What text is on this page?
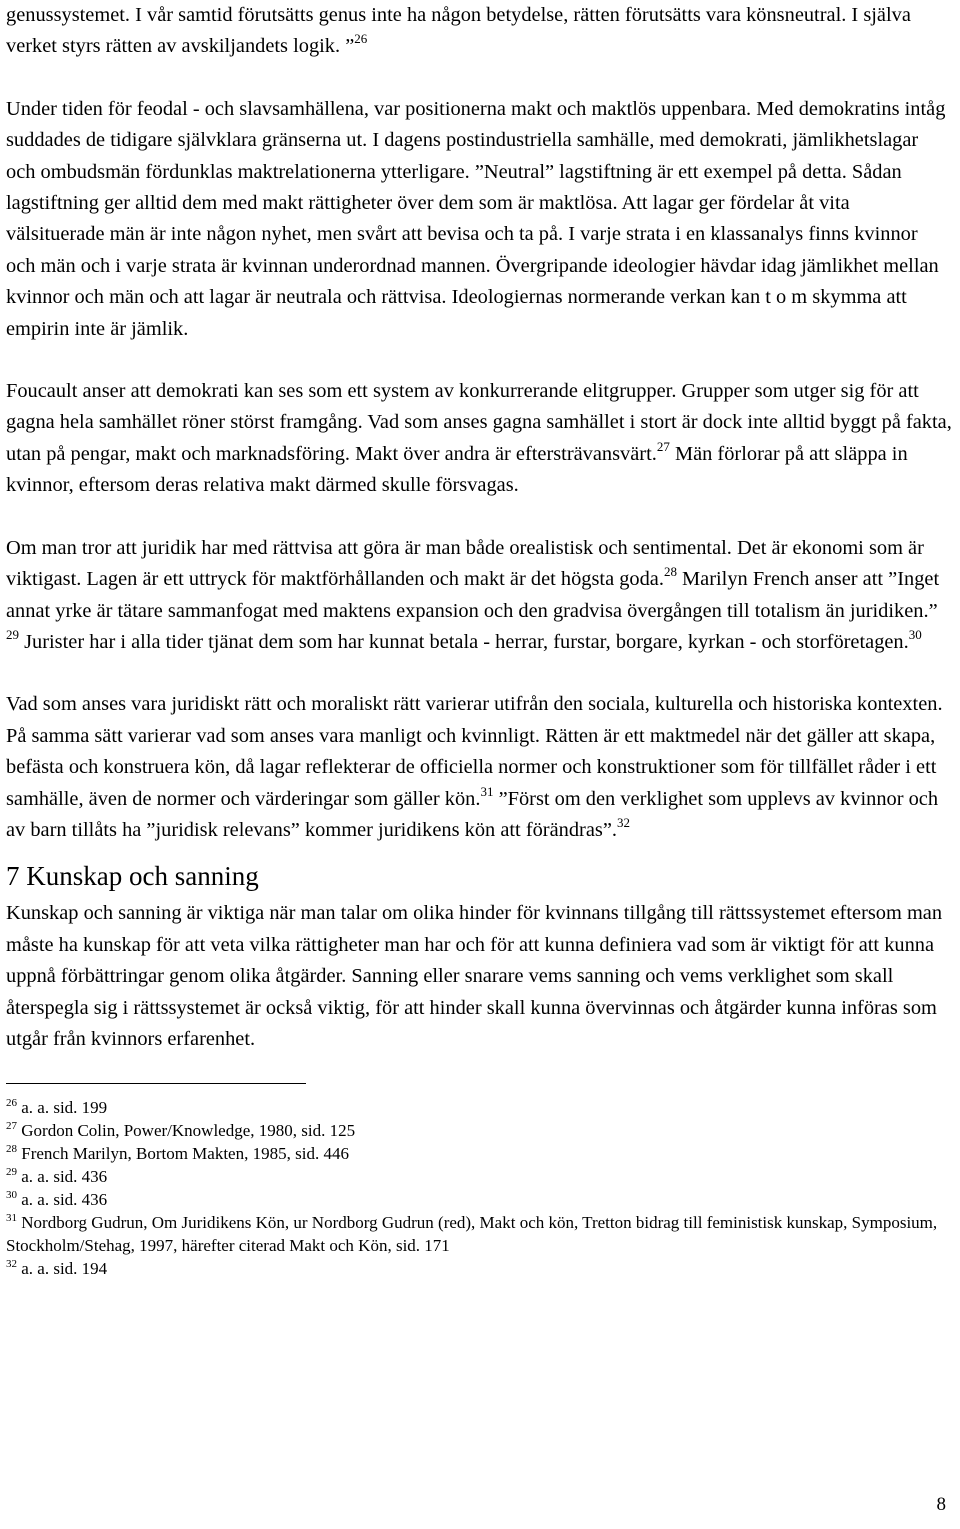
genussystemet. I vår samtid förutsätts genus inte ha någon betydelse, rätten förutsätts vara könsneutral. I själva verket styrs rätten av avskiljandets logik. ”$^{26}$

Under tiden för feodal - och slavsamhällena, var positionerna makt och maktlös uppenbara. Med demokratins intåg suddades de tidigare självklara gränserna ut. I dagens postindustriella samhälle, med demokrati, jämlikhetslagar och ombudsmän fördunklas maktrelationerna ytterligare. ”Neutral” lagstiftning är ett exempel på detta. Sådan lagstiftning ger alltid dem med makt rättigheter över dem som är maktlösa. Att lagar ger fördelar åt vita välsituerade män är inte någon nyhet, men svårt att bevisa och ta på. I varje strata i en klassanalys finns kvinnor och män och i varje strata är kvinnan underordnad mannen. Övergripande ideologier hävdar idag jämlikhet mellan kvinnor och män och att lagar är neutrala och rättvisa. Ideologiernas normerande verkan kan t o m skymma att empirin inte är jämlik.

Foucault anser att demokrati kan ses som ett system av konkurrerande elitgrupper. Grupper som utger sig för att gagna hela samhället röner störst framgång. Vad som anses gagna samhället i stort är dock inte alltid byggt på fakta, utan på pengar, makt och marknadsföring. Makt över andra är eftersträvansvärt.$^{27}$ Män förlorar på att släppa in kvinnor, eftersom deras relativa makt därmed skulle försvagas.

Om man tror att juridik har med rättvisa att göra är man både orealistisk och sentimental. Det är ekonomi som är viktigast. Lagen är ett uttryck för maktförhållanden och makt är det högsta goda.$^{28}$ Marilyn French anser att ”Inget annat yrke är tätare sammanfogat med maktens expansion och den gradvisa övergången till totalism än juridiken.” $^{29}$ Jurister har i alla tider tjänat dem som har kunnat betala - herrar, furstar, borgare, kyrkan - och storföretagen.$^{30}$

Vad som anses vara juridiskt rätt och moraliskt rätt varierar utifrån den sociala, kulturella och historiska kontexten. På samma sätt varierar vad som anses vara manligt och kvinnligt. Rätten är ett maktmedel när det gäller att skapa, befästa och konstruera kön, då lagar reflekterar de officiella normer och konstruktioner som för tillfället råder i ett samhälle, även de normer och värderingar som gäller kön.$^{31}$ ”Först om den verklighet som upplevs av kvinnor och av barn tillåts ha ”juridisk relevans” kommer juridikens kön att förändras”.$^{32}$

7 Kunskap och sanning

Kunskap och sanning är viktiga när man talar om olika hinder för kvinnans tillgång till rättssystemet eftersom man måste ha kunskap för att veta vilka rättigheter man har och för att kunna definiera vad som är viktigt för att kunna uppnå förbättringar genom olika åtgärder. Sanning eller snarare vems sanning och vems verklighet som skall återspegla sig i rättssystemet är också viktig, för att hinder skall kunna övervinnas och åtgärder kunna införas som utgår från kvinnors erfarenhet.

$^{26}$ a. a. sid. 199

$^{27}$ Gordon Colin, Power/Knowledge, 1980, sid. 125

$^{28}$ French Marilyn, Bortom Makten, 1985, sid. 446

$^{29}$ a. a. sid. 436

$^{30}$ a. a. sid. 436

$^{31}$ Nordborg Gudrun, Om Juridikens Kön, ur Nordborg Gudrun (red), Makt och kön, Tretton bidrag till feministisk kunskap, Symposium, Stockholm/Stehag, 1997, härefter citerad Makt och Kön, sid. 171

$^{32}$ a. a. sid. 194

8
